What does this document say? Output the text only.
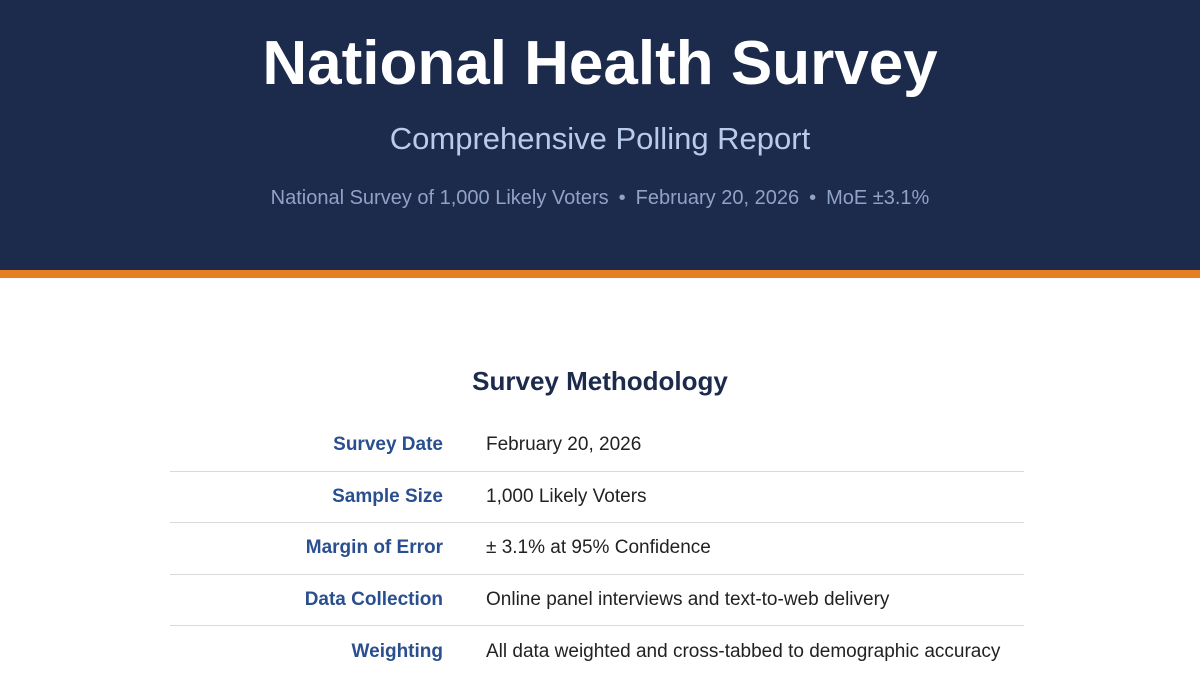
National Health Survey
Comprehensive Polling Report
National Survey of 1,000 Likely Voters • February 20, 2026 • MoE ±3.1%
Survey Methodology
Survey Date February 20, 2026
Sample Size 1,000 Likely Voters
Margin of Error ± 3.1% at 95% Confidence
Data Collection Online panel interviews and text-to-web delivery
Weighting All data weighted and cross-tabbed to demographic accuracy
